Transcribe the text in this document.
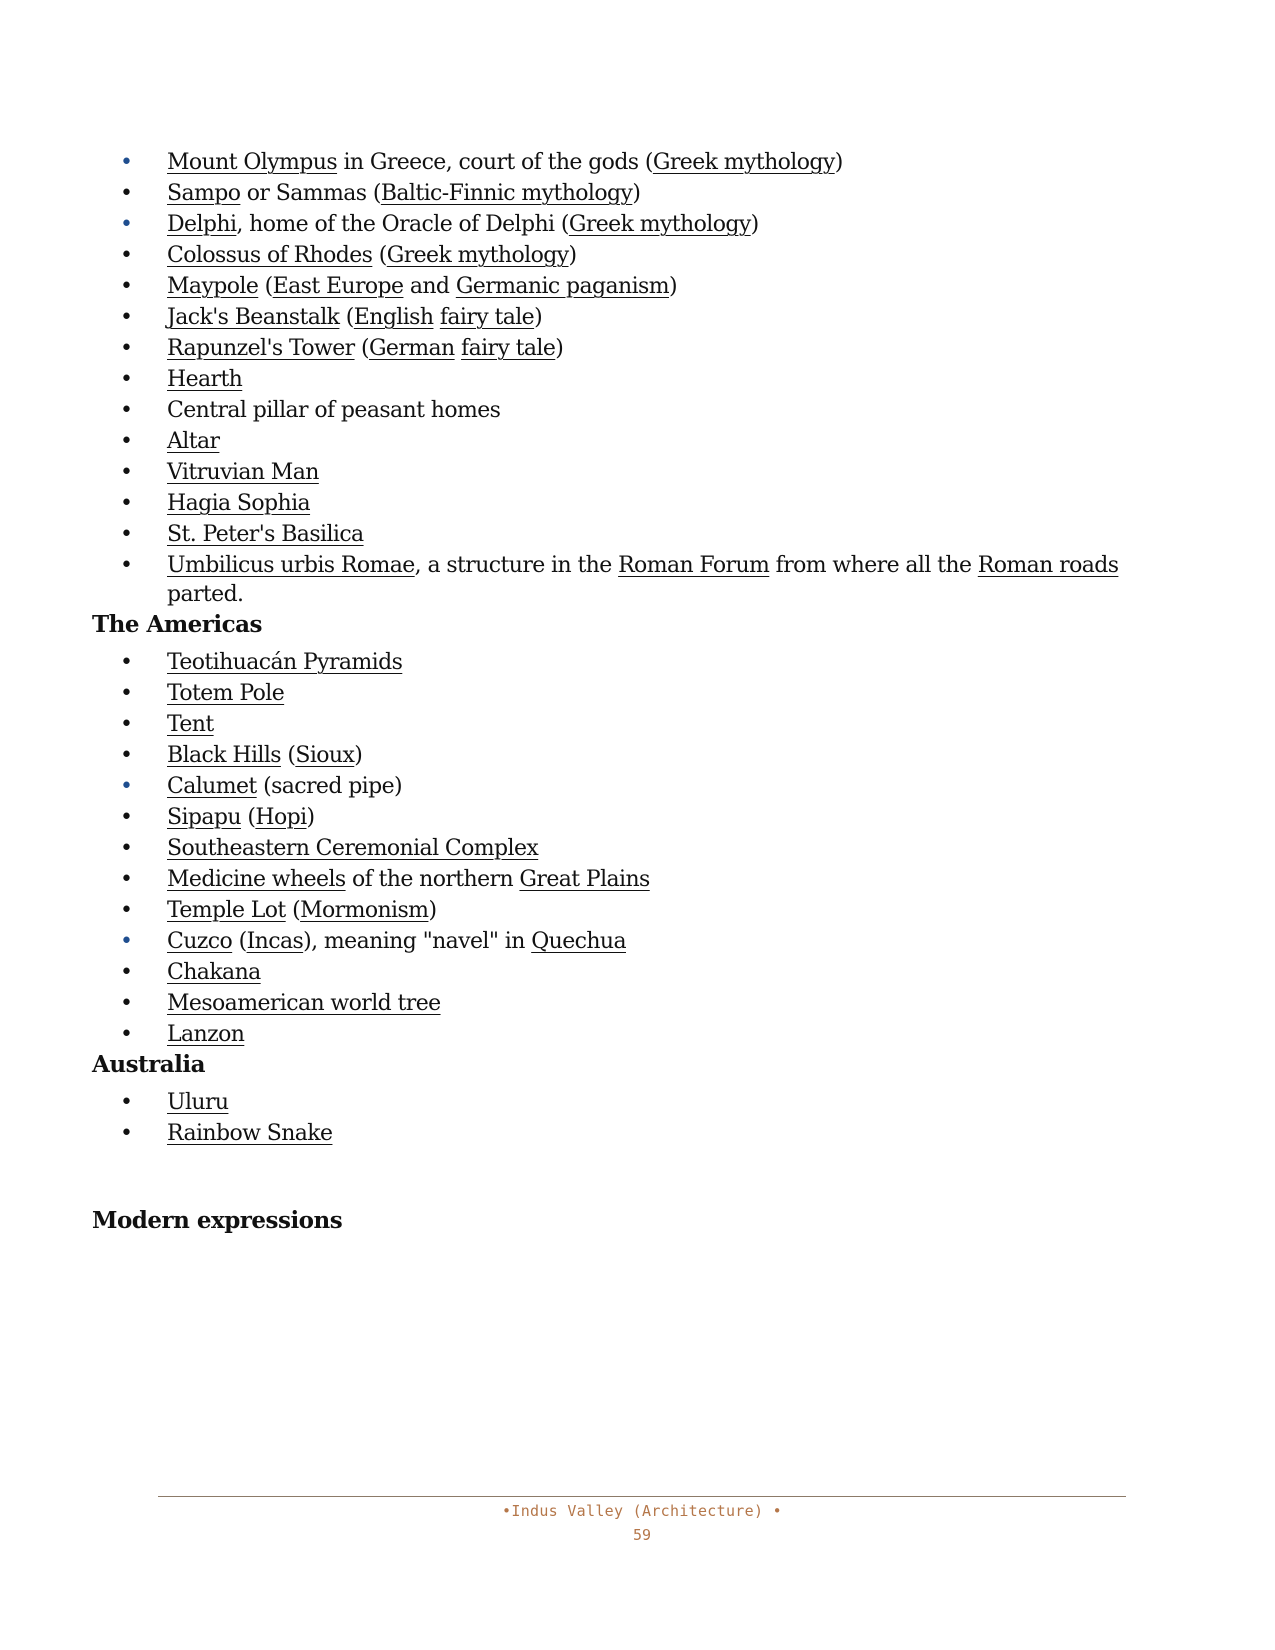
• Mount Olympus in Greece, court of the gods (Greek mythology)
• Sampo or Sammas (Baltic-Finnic mythology)
• Delphi, home of the Oracle of Delphi (Greek mythology)
• Colossus of Rhodes (Greek mythology)
• Maypole (East Europe and Germanic paganism)
• Jack's Beanstalk (English fairy tale)
• Rapunzel's Tower (German fairy tale)
• Hearth
• Central pillar of peasant homes
• Altar
• Vitruvian Man
• Hagia Sophia
• St. Peter's Basilica
• Umbilicus urbis Romae, a structure in the Roman Forum from where all the Roman roads parted.
The Americas
• Teotihuacán Pyramids
• Totem Pole
• Tent
• Black Hills (Sioux)
• Calumet (sacred pipe)
• Sipapu (Hopi)
• Southeastern Ceremonial Complex
• Medicine wheels of the northern Great Plains
• Temple Lot (Mormonism)
• Cuzco (Incas), meaning "navel" in Quechua
• Chakana
• Mesoamerican world tree
• Lanzon
Australia
• Uluru
• Rainbow Snake
Modern expressions
•Indus Valley (Architecture) •
59
